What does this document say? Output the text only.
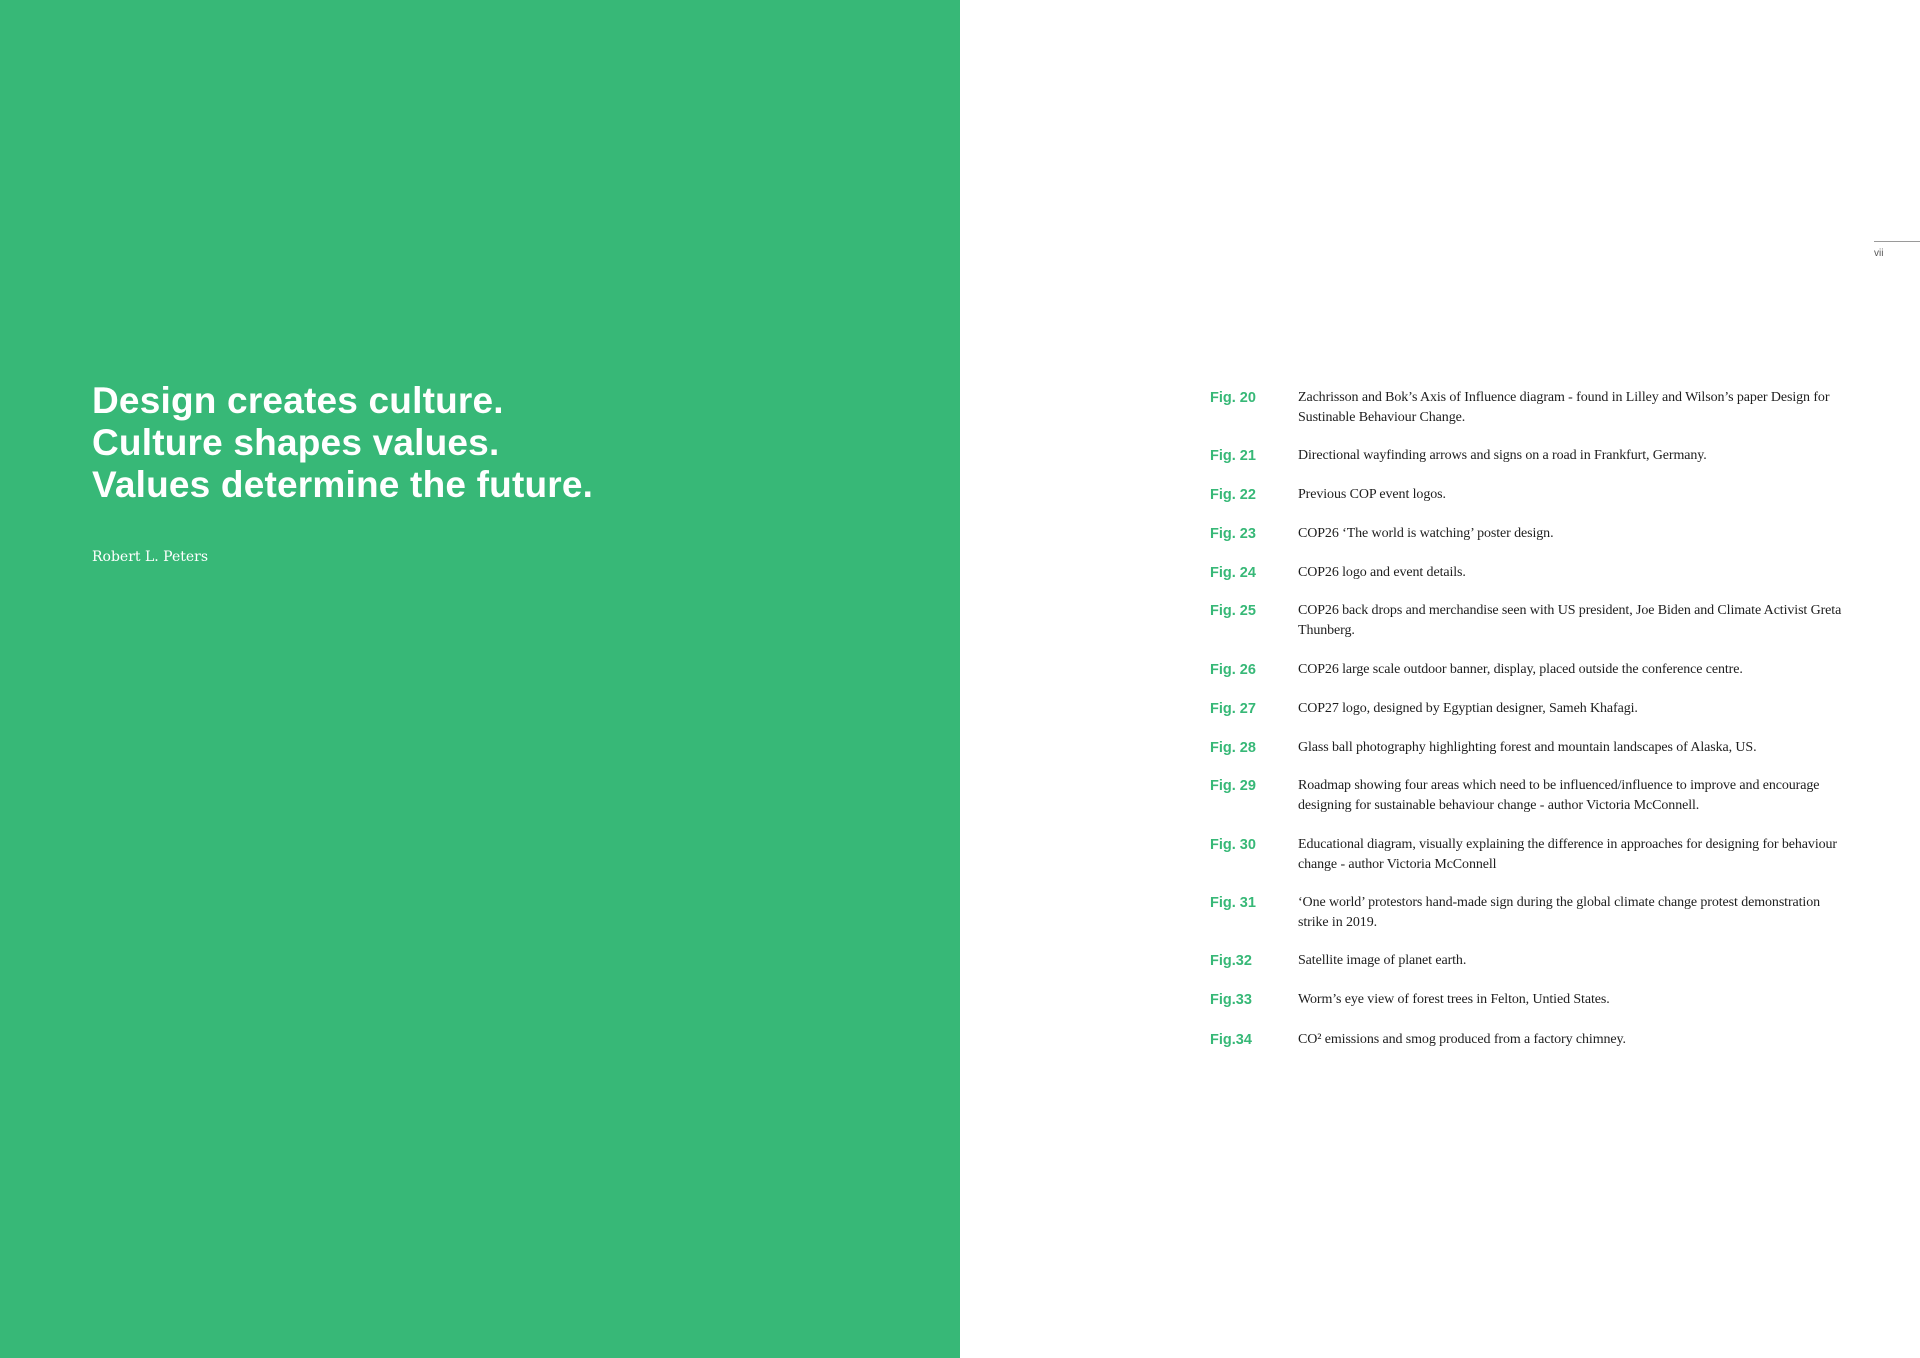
Design creates culture.
Culture shapes values.
Values determine the future.
Robert L. Peters
vii
Fig. 20	Zachrisson and Bok’s Axis of Influence diagram - found in Lilley and Wilson’s paper Design for Sustinable Behaviour Change.
Fig. 21	Directional wayfinding arrows and signs on a road in Frankfurt, Germany.
Fig. 22	Previous COP event logos.
Fig. 23	COP26 ‘The world is watching’ poster design.
Fig. 24	COP26 logo and event details.
Fig. 25	COP26 back drops and merchandise seen with US president, Joe Biden and Climate Activist Greta Thunberg.
Fig. 26	COP26 large scale outdoor banner, display, placed outside the conference centre.
Fig. 27	COP27 logo, designed by Egyptian designer, Sameh Khafagi.
Fig. 28	Glass ball photography highlighting forest and mountain landscapes of Alaska, US.
Fig. 29	Roadmap showing four areas which need to be influenced/influence to improve and encourage designing for sustainable behaviour change - author Victoria McConnell.
Fig. 30	Educational diagram, visually explaining the difference in approaches for designing for behaviour change - author Victoria McConnell
Fig. 31	‘One world’ protestors hand-made sign during the global climate change protest demonstration strike in 2019.
Fig.32	Satellite image of planet earth.
Fig.33	Worm’s eye view of forest trees in Felton, Untied States.
Fig.34	CO² emissions and smog produced from a factory chimney.
